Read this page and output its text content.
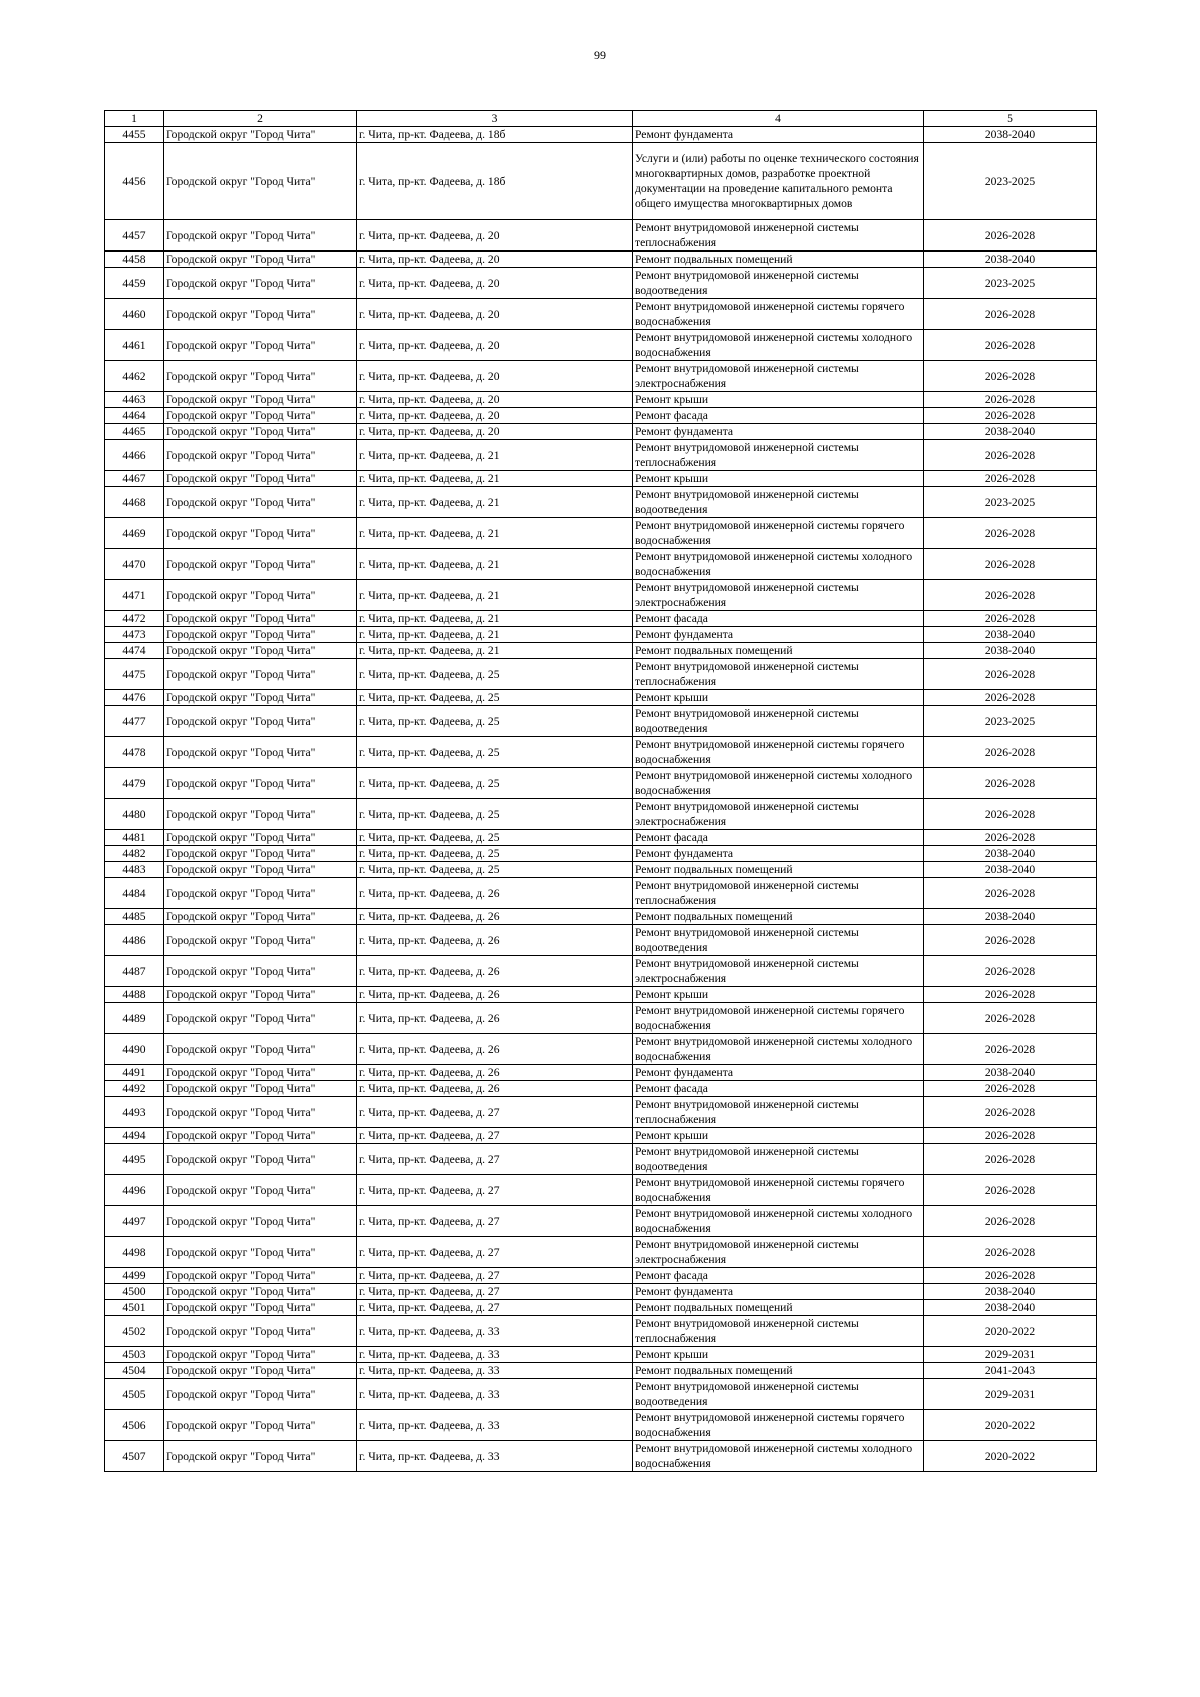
99
1	2	3	4	5
4455	Городской округ "Город Чита"	г. Чита, пр-кт. Фадеева, д. 18б	Ремонт фундамента	2038-2040
4456	Городской округ "Город Чита"	г. Чита, пр-кт. Фадеева, д. 18б	Услуги и (или) работы по оценке технического состояния многоквартирных домов, разработке проектной документации на проведение капитального ремонта общего имущества многоквартирных домов	2023-2025
4457	Городской округ "Город Чита"	г. Чита, пр-кт. Фадеева, д. 20	Ремонт внутридомовой инженерной системы теплоснабжения	2026-2028
4458	Городской округ "Город Чита"	г. Чита, пр-кт. Фадеева, д. 20	Ремонт подвальных помещений	2038-2040
4459	Городской округ "Город Чита"	г. Чита, пр-кт. Фадеева, д. 20	Ремонт внутридомовой инженерной системы водоотведения	2023-2025
4460	Городской округ "Город Чита"	г. Чита, пр-кт. Фадеева, д. 20	Ремонт внутридомовой инженерной системы горячего водоснабжения	2026-2028
4461	Городской округ "Город Чита"	г. Чита, пр-кт. Фадеева, д. 20	Ремонт внутридомовой инженерной системы холодного водоснабжения	2026-2028
4462	Городской округ "Город Чита"	г. Чита, пр-кт. Фадеева, д. 20	Ремонт внутридомовой инженерной системы электроснабжения	2026-2028
4463	Городской округ "Город Чита"	г. Чита, пр-кт. Фадеева, д. 20	Ремонт крыши	2026-2028
4464	Городской округ "Город Чита"	г. Чита, пр-кт. Фадеева, д. 20	Ремонт фасада	2026-2028
4465	Городской округ "Город Чита"	г. Чита, пр-кт. Фадеева, д. 20	Ремонт фундамента	2038-2040
4466	Городской округ "Город Чита"	г. Чита, пр-кт. Фадеева, д. 21	Ремонт внутридомовой инженерной системы теплоснабжения	2026-2028
4467	Городской округ "Город Чита"	г. Чита, пр-кт. Фадеева, д. 21	Ремонт крыши	2026-2028
4468	Городской округ "Город Чита"	г. Чита, пр-кт. Фадеева, д. 21	Ремонт внутридомовой инженерной системы водоотведения	2023-2025
4469	Городской округ "Город Чита"	г. Чита, пр-кт. Фадеева, д. 21	Ремонт внутридомовой инженерной системы горячего водоснабжения	2026-2028
4470	Городской округ "Город Чита"	г. Чита, пр-кт. Фадеева, д. 21	Ремонт внутридомовой инженерной системы холодного водоснабжения	2026-2028
4471	Городской округ "Город Чита"	г. Чита, пр-кт. Фадеева, д. 21	Ремонт внутридомовой инженерной системы электроснабжения	2026-2028
4472	Городской округ "Город Чита"	г. Чита, пр-кт. Фадеева, д. 21	Ремонт фасада	2026-2028
4473	Городской округ "Город Чита"	г. Чита, пр-кт. Фадеева, д. 21	Ремонт фундамента	2038-2040
4474	Городской округ "Город Чита"	г. Чита, пр-кт. Фадеева, д. 21	Ремонт подвальных помещений	2038-2040
4475	Городской округ "Город Чита"	г. Чита, пр-кт. Фадеева, д. 25	Ремонт внутридомовой инженерной системы теплоснабжения	2026-2028
4476	Городской округ "Город Чита"	г. Чита, пр-кт. Фадеева, д. 25	Ремонт крыши	2026-2028
4477	Городской округ "Город Чита"	г. Чита, пр-кт. Фадеева, д. 25	Ремонт внутридомовой инженерной системы водоотведения	2023-2025
4478	Городской округ "Город Чита"	г. Чита, пр-кт. Фадеева, д. 25	Ремонт внутридомовой инженерной системы горячего водоснабжения	2026-2028
4479	Городской округ "Город Чита"	г. Чита, пр-кт. Фадеева, д. 25	Ремонт внутридомовой инженерной системы холодного водоснабжения	2026-2028
4480	Городской округ "Город Чита"	г. Чита, пр-кт. Фадеева, д. 25	Ремонт внутридомовой инженерной системы электроснабжения	2026-2028
4481	Городской округ "Город Чита"	г. Чита, пр-кт. Фадеева, д. 25	Ремонт фасада	2026-2028
4482	Городской округ "Город Чита"	г. Чита, пр-кт. Фадеева, д. 25	Ремонт фундамента	2038-2040
4483	Городской округ "Город Чита"	г. Чита, пр-кт. Фадеева, д. 25	Ремонт подвальных помещений	2038-2040
4484	Городской округ "Город Чита"	г. Чита, пр-кт. Фадеева, д. 26	Ремонт внутридомовой инженерной системы теплоснабжения	2026-2028
4485	Городской округ "Город Чита"	г. Чита, пр-кт. Фадеева, д. 26	Ремонт подвальных помещений	2038-2040
4486	Городской округ "Город Чита"	г. Чита, пр-кт. Фадеева, д. 26	Ремонт внутридомовой инженерной системы водоотведения	2026-2028
4487	Городской округ "Город Чита"	г. Чита, пр-кт. Фадеева, д. 26	Ремонт внутридомовой инженерной системы электроснабжения	2026-2028
4488	Городской округ "Город Чита"	г. Чита, пр-кт. Фадеева, д. 26	Ремонт крыши	2026-2028
4489	Городской округ "Город Чита"	г. Чита, пр-кт. Фадеева, д. 26	Ремонт внутридомовой инженерной системы горячего водоснабжения	2026-2028
4490	Городской округ "Город Чита"	г. Чита, пр-кт. Фадеева, д. 26	Ремонт внутридомовой инженерной системы холодного водоснабжения	2026-2028
4491	Городской округ "Город Чита"	г. Чита, пр-кт. Фадеева, д. 26	Ремонт фундамента	2038-2040
4492	Городской округ "Город Чита"	г. Чита, пр-кт. Фадеева, д. 26	Ремонт фасада	2026-2028
4493	Городской округ "Город Чита"	г. Чита, пр-кт. Фадеева, д. 27	Ремонт внутридомовой инженерной системы теплоснабжения	2026-2028
4494	Городской округ "Город Чита"	г. Чита, пр-кт. Фадеева, д. 27	Ремонт крыши	2026-2028
4495	Городской округ "Город Чита"	г. Чита, пр-кт. Фадеева, д. 27	Ремонт внутридомовой инженерной системы водоотведения	2026-2028
4496	Городской округ "Город Чита"	г. Чита, пр-кт. Фадеева, д. 27	Ремонт внутридомовой инженерной системы горячего водоснабжения	2026-2028
4497	Городской округ "Город Чита"	г. Чита, пр-кт. Фадеева, д. 27	Ремонт внутридомовой инженерной системы холодного водоснабжения	2026-2028
4498	Городской округ "Город Чита"	г. Чита, пр-кт. Фадеева, д. 27	Ремонт внутридомовой инженерной системы электроснабжения	2026-2028
4499	Городской округ "Город Чита"	г. Чита, пр-кт. Фадеева, д. 27	Ремонт фасада	2026-2028
4500	Городской округ "Город Чита"	г. Чита, пр-кт. Фадеева, д. 27	Ремонт фундамента	2038-2040
4501	Городской округ "Город Чита"	г. Чита, пр-кт. Фадеева, д. 27	Ремонт подвальных помещений	2038-2040
4502	Городской округ "Город Чита"	г. Чита, пр-кт. Фадеева, д. 33	Ремонт внутридомовой инженерной системы теплоснабжения	2020-2022
4503	Городской округ "Город Чита"	г. Чита, пр-кт. Фадеева, д. 33	Ремонт крыши	2029-2031
4504	Городской округ "Город Чита"	г. Чита, пр-кт. Фадеева, д. 33	Ремонт подвальных помещений	2041-2043
4505	Городской округ "Город Чита"	г. Чита, пр-кт. Фадеева, д. 33	Ремонт внутридомовой инженерной системы водоотведения	2029-2031
4506	Городской округ "Город Чита"	г. Чита, пр-кт. Фадеева, д. 33	Ремонт внутридомовой инженерной системы горячего водоснабжения	2020-2022
4507	Городской округ "Город Чита"	г. Чита, пр-кт. Фадеева, д. 33	Ремонт внутридомовой инженерной системы холодного водоснабжения	2020-2022
